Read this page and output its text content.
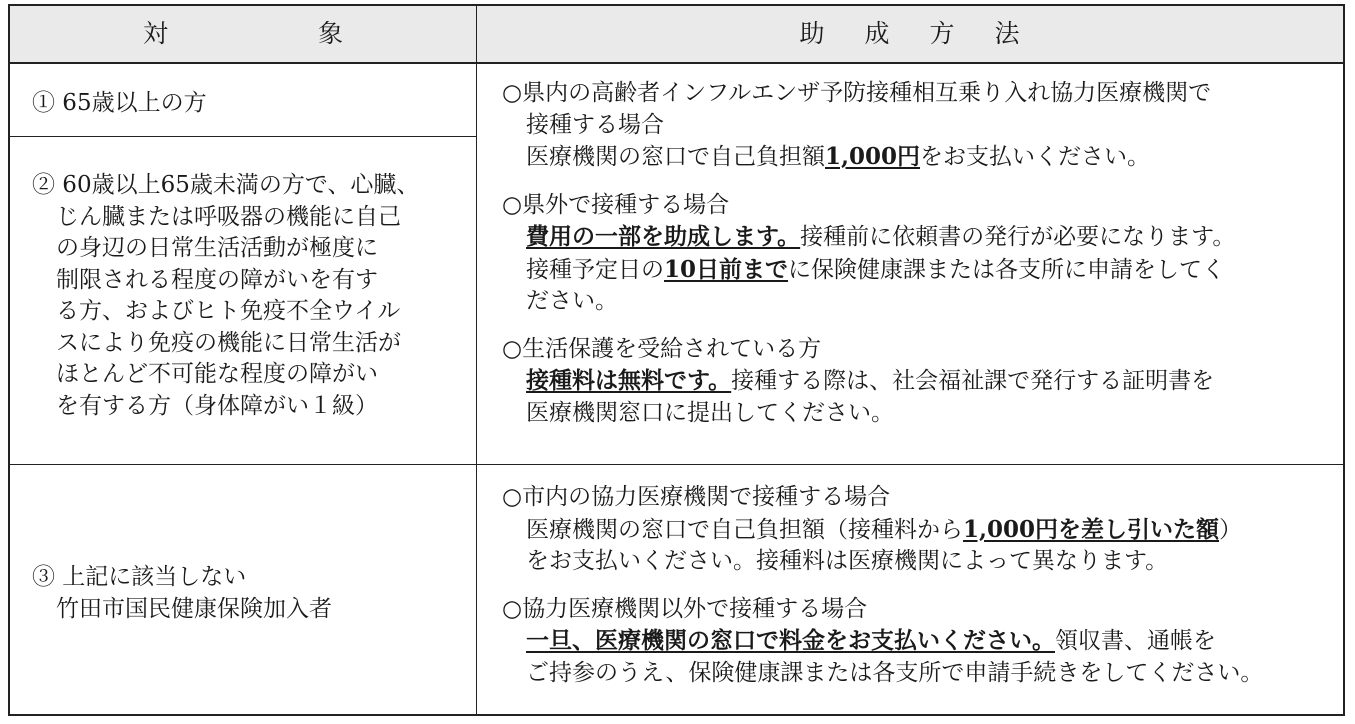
対	象	助 成 方 法

① 65歳以上の方

② 60歳以上65歳未満の方で、心臓、

じん臓または呼吸器の機能に自己

の身辺の日常生活活動が極度に

制限される程度の障がいを有す

る方、およびヒト免疫不全ウイル

スにより免疫の機能に日常生活が

ほとんど不可能な程度の障がい

を有する方（身体障がい１級）

③ 上記に該当しない

竹田市国民健康保険加入者

○県内の高齢者インフルエンザ予防接種相互乗り入れ協力医療機関で

接種する場合

医療機関の窓口で自己負担額1,000円をお支払いください。

○県外で接種する場合

費用の一部を助成します。接種前に依頼書の発行が必要になります。

接種予定日の10日前までに保険健康課または各支所に申請をしてく

ださい。

○生活保護を受給されている方

接種料は無料です。接種する際は、社会福祉課で発行する証明書を

医療機関窓口に提出してください。

○市内の協力医療機関で接種する場合

医療機関の窓口で自己負担額（接種料から1,000円を差し引いた額）

をお支払いください。接種料は医療機関によって異なります。

○協力医療機関以外で接種する場合

一旦、医療機関の窓口で料金をお支払いください。領収書、通帳を

ご持参のうえ、保険健康課または各支所で申請手続きをしてください。
